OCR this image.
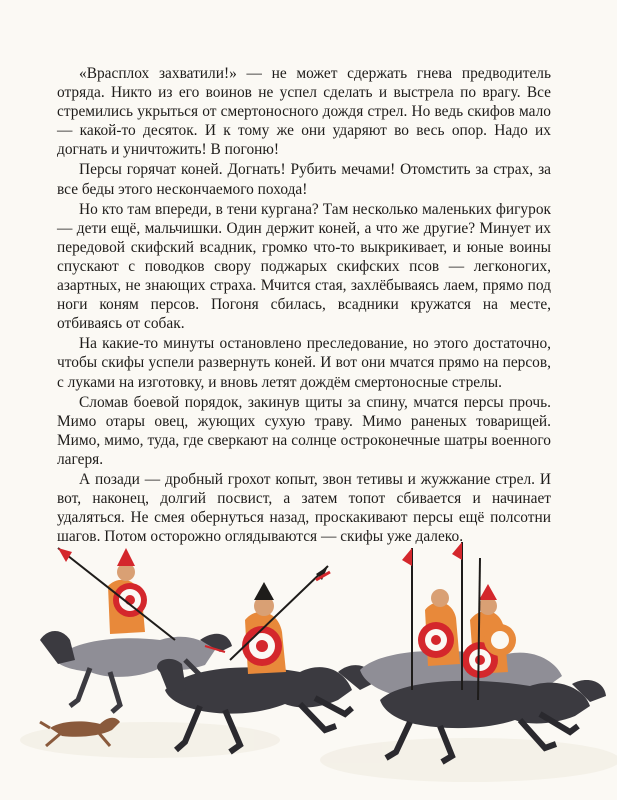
«Врасплох захватили!» — не может сдержать гнева предводитель отряда. Никто из его воинов не успел сделать и выстрела по врагу. Все стремились укрыться от смертоносного дождя стрел. Но ведь скифов мало — какой-то десяток. И к тому же они ударяют во весь опор. Надо их догнать и уничтожить! В погоню!

Персы горячат коней. Догнать! Рубить мечами! Отомстить за страх, за все беды этого нескончаемого похода!

Но кто там впереди, в тени кургана? Там несколько маленьких фигурок — дети ещё, мальчишки. Один держит коней, а что же другие? Минует их передовой скифский всадник, громко что-то выкрикивает, и юные воины спускают с поводков свору поджарых скифских псов — легконогих, азартных, не знающих страха. Мчится стая, захлёбываясь лаем, прямо под ноги коням персов. Погоня сбилась, всадники кружатся на месте, отбиваясь от собак.

На какие-то минуты остановлено преследование, но этого достаточно, чтобы скифы успели развернуть коней. И вот они мчатся прямо на персов, с луками на изготовку, и вновь летят дождём смертоносные стрелы.

Сломав боевой порядок, закинув щиты за спину, мчатся персы прочь. Мимо отары овец, жующих сухую траву. Мимо раненых товарищей. Мимо, мимо, туда, где сверкают на солнце остроконечные шатры военного лагеря.

А позади — дробный грохот копыт, звон тетивы и жужжание стрел. И вот, наконец, долгий посвист, а затем топот сбивается и начинает удаляться. Не смея обернуться назад, проскакивают персы ещё полсотни шагов. Потом осторожно оглядываются — скифы уже далеко.
